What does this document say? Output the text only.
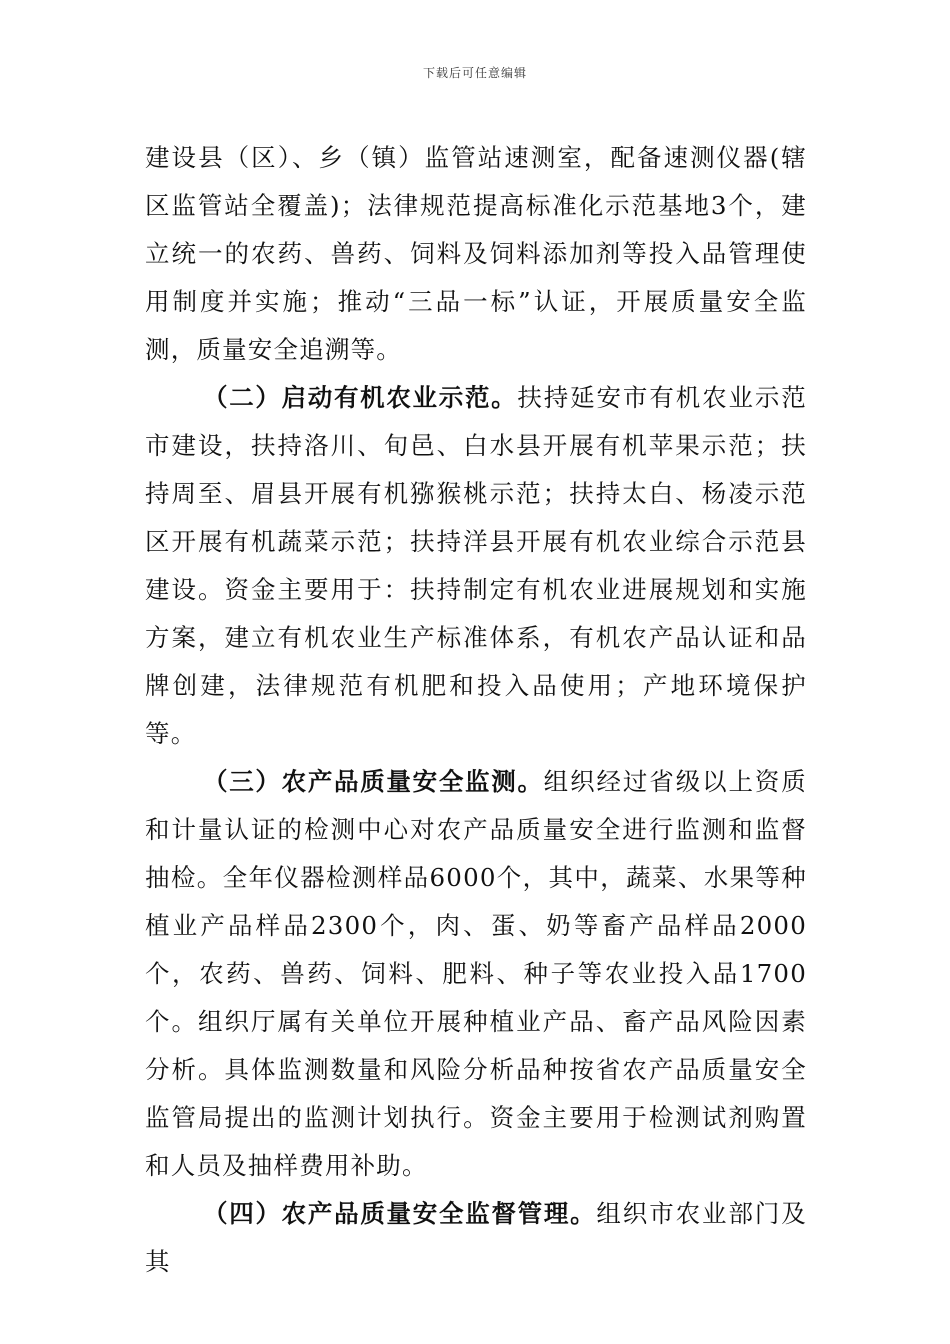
下载后可任意编辑

建设县（区）、乡（镇）监管站速测室，配备速测仪器(辖区监管站全覆盖)；法律规范提高标准化示范基地3个，建立统一的农药、兽药、饲料及饲料添加剂等投入品管理使用制度并实施；推动“三品一标”认证，开展质量安全监测，质量安全追溯等。

（二）启动有机农业示范。扶持延安市有机农业示范市建设，扶持洛川、旬邑、白水县开展有机苹果示范；扶持周至、眉县开展有机猕猴桃示范；扶持太白、杨凌示范区开展有机蔬菜示范；扶持洋县开展有机农业综合示范县建设。资金主要用于：扶持制定有机农业进展规划和实施方案，建立有机农业生产标准体系，有机农产品认证和品牌创建，法律规范有机肥和投入品使用；产地环境保护等。

（三）农产品质量安全监测。组织经过省级以上资质和计量认证的检测中心对农产品质量安全进行监测和监督抽检。全年仪器检测样品6000个，其中，蔬菜、水果等种植业产品样品2300个，肉、蛋、奶等畜产品样品2000个，农药、兽药、饲料、肥料、种子等农业投入品1700个。组织厅属有关单位开展种植业产品、畜产品风险因素分析。具体监测数量和风险分析品种按省农产品质量安全监管局提出的监测计划执行。资金主要用于检测试剂购置和人员及抽样费用补助。

（四）农产品质量安全监督管理。组织市农业部门及其
